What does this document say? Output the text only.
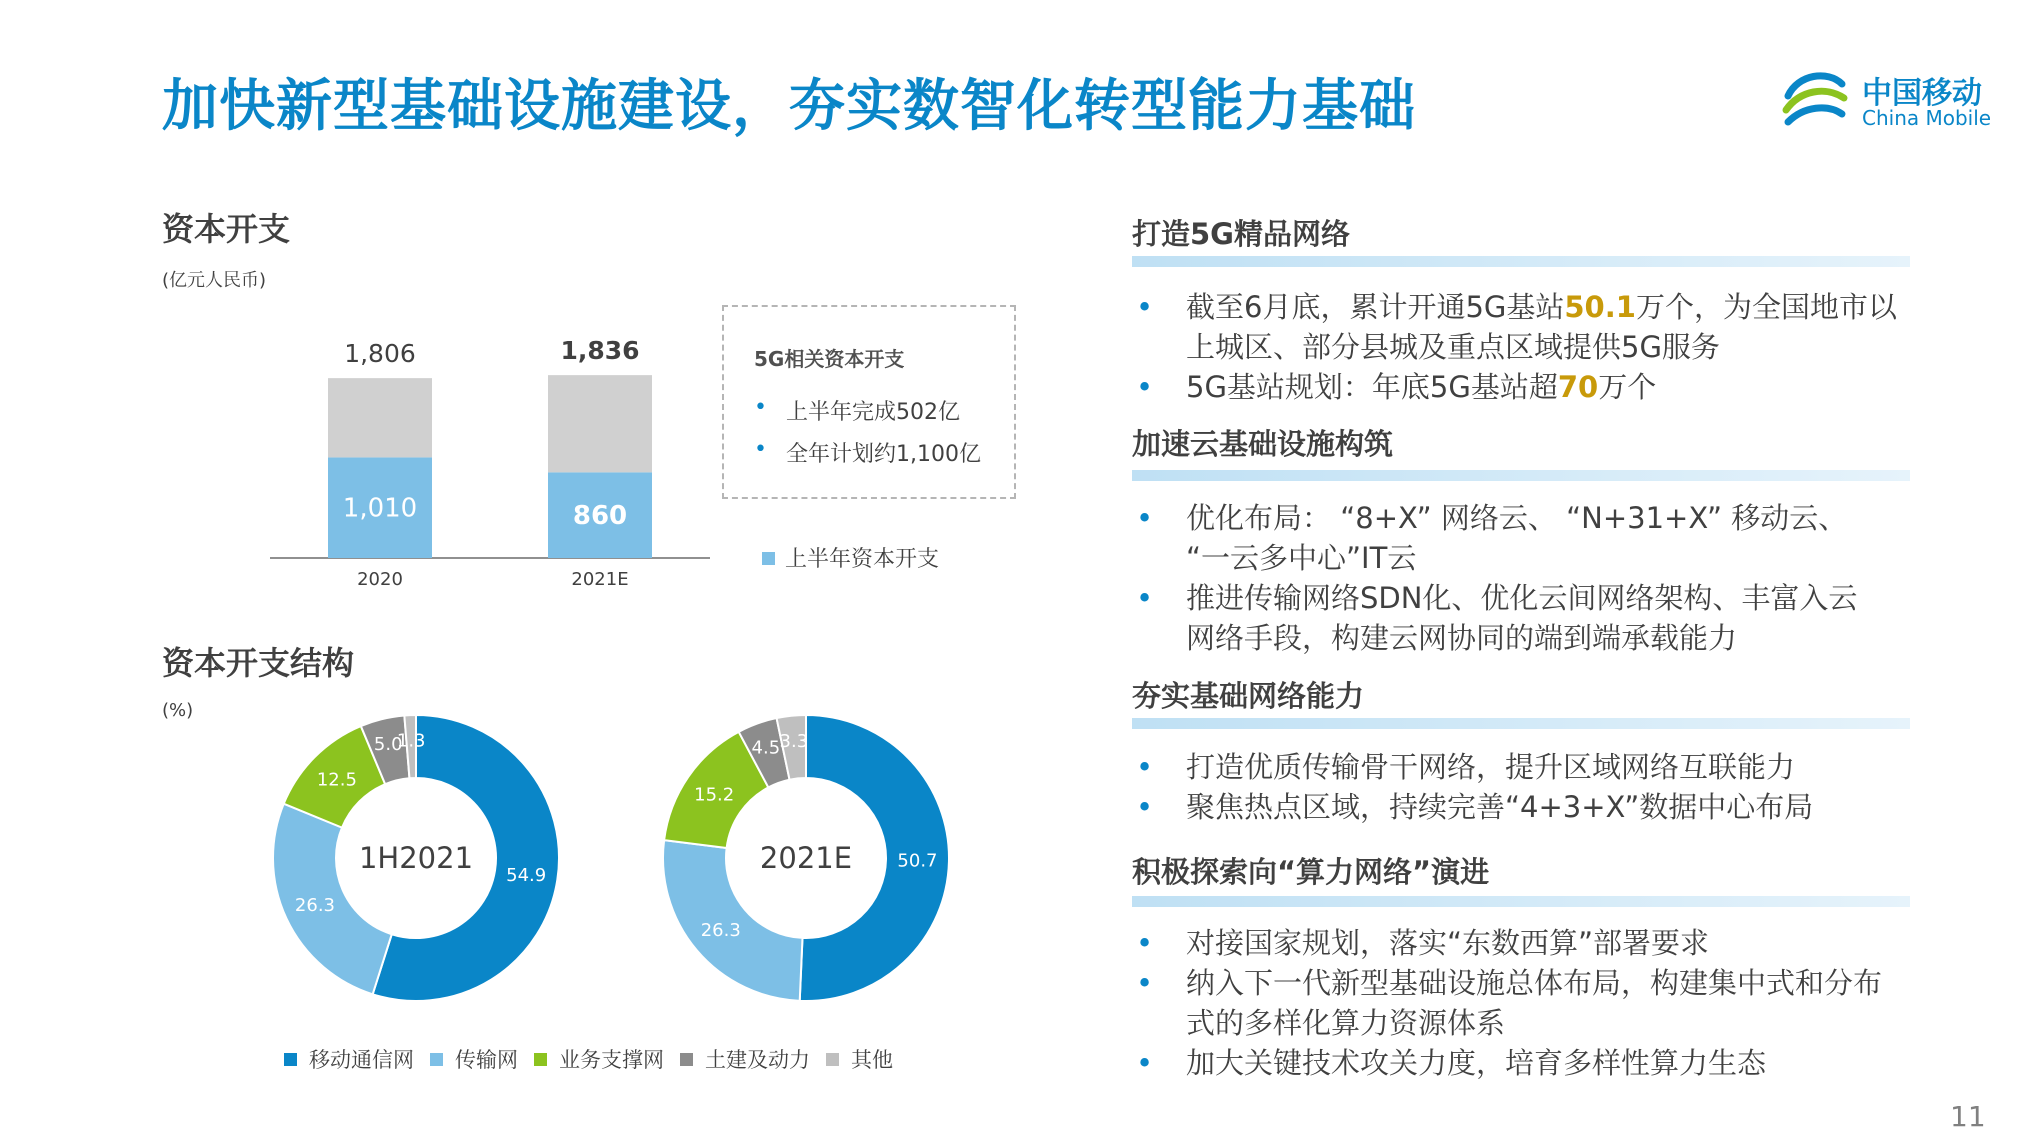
加快新型基础设施建设，夯实数智化转型能力基础	中国移动
China Mobile
资本开支
(亿元人民币)
1,010
1,806
2020
860
1,836
2021E
5G相关资本开支
• 上半年完成502亿
• 全年计划约1,100亿
上半年资本开支
资本开支结构
(%)
54.9
26.3
12.5
5.0
1.3
1H2021	50.7
26.3
15.2
4.5 3.3
2021E
移动通信网 传输网 业务支撑网 土建及动力 其他
打造5G精品网络
• 截至6月底，累计开通5G基站50.1万个，为全国地市以
上城区、部分县城及重点区域提供5G服务
• 5G基站规划：年底5G基站超70万个
加速云基础设施构筑
• 优化布局： “8+X” 网络云、 “N+31+X” 移动云、
“一云多中心”IT云
• 推进传输网络SDN化、优化云间网络架构、丰富入云
网络手段，构建云网协同的端到端承载能力
夯实基础网络能力
• 打造优质传输骨干网络，提升区域网络互联能力
• 聚焦热点区域，持续完善“4+3+X”数据中心布局
积极探索向“算力网络”演进
• 对接国家规划，落实“东数西算”部署要求
• 纳入下一代新型基础设施总体布局，构建集中式和分布
式的多样化算力资源体系
• 加大关键技术攻关力度，培育多样性算力生态
11
